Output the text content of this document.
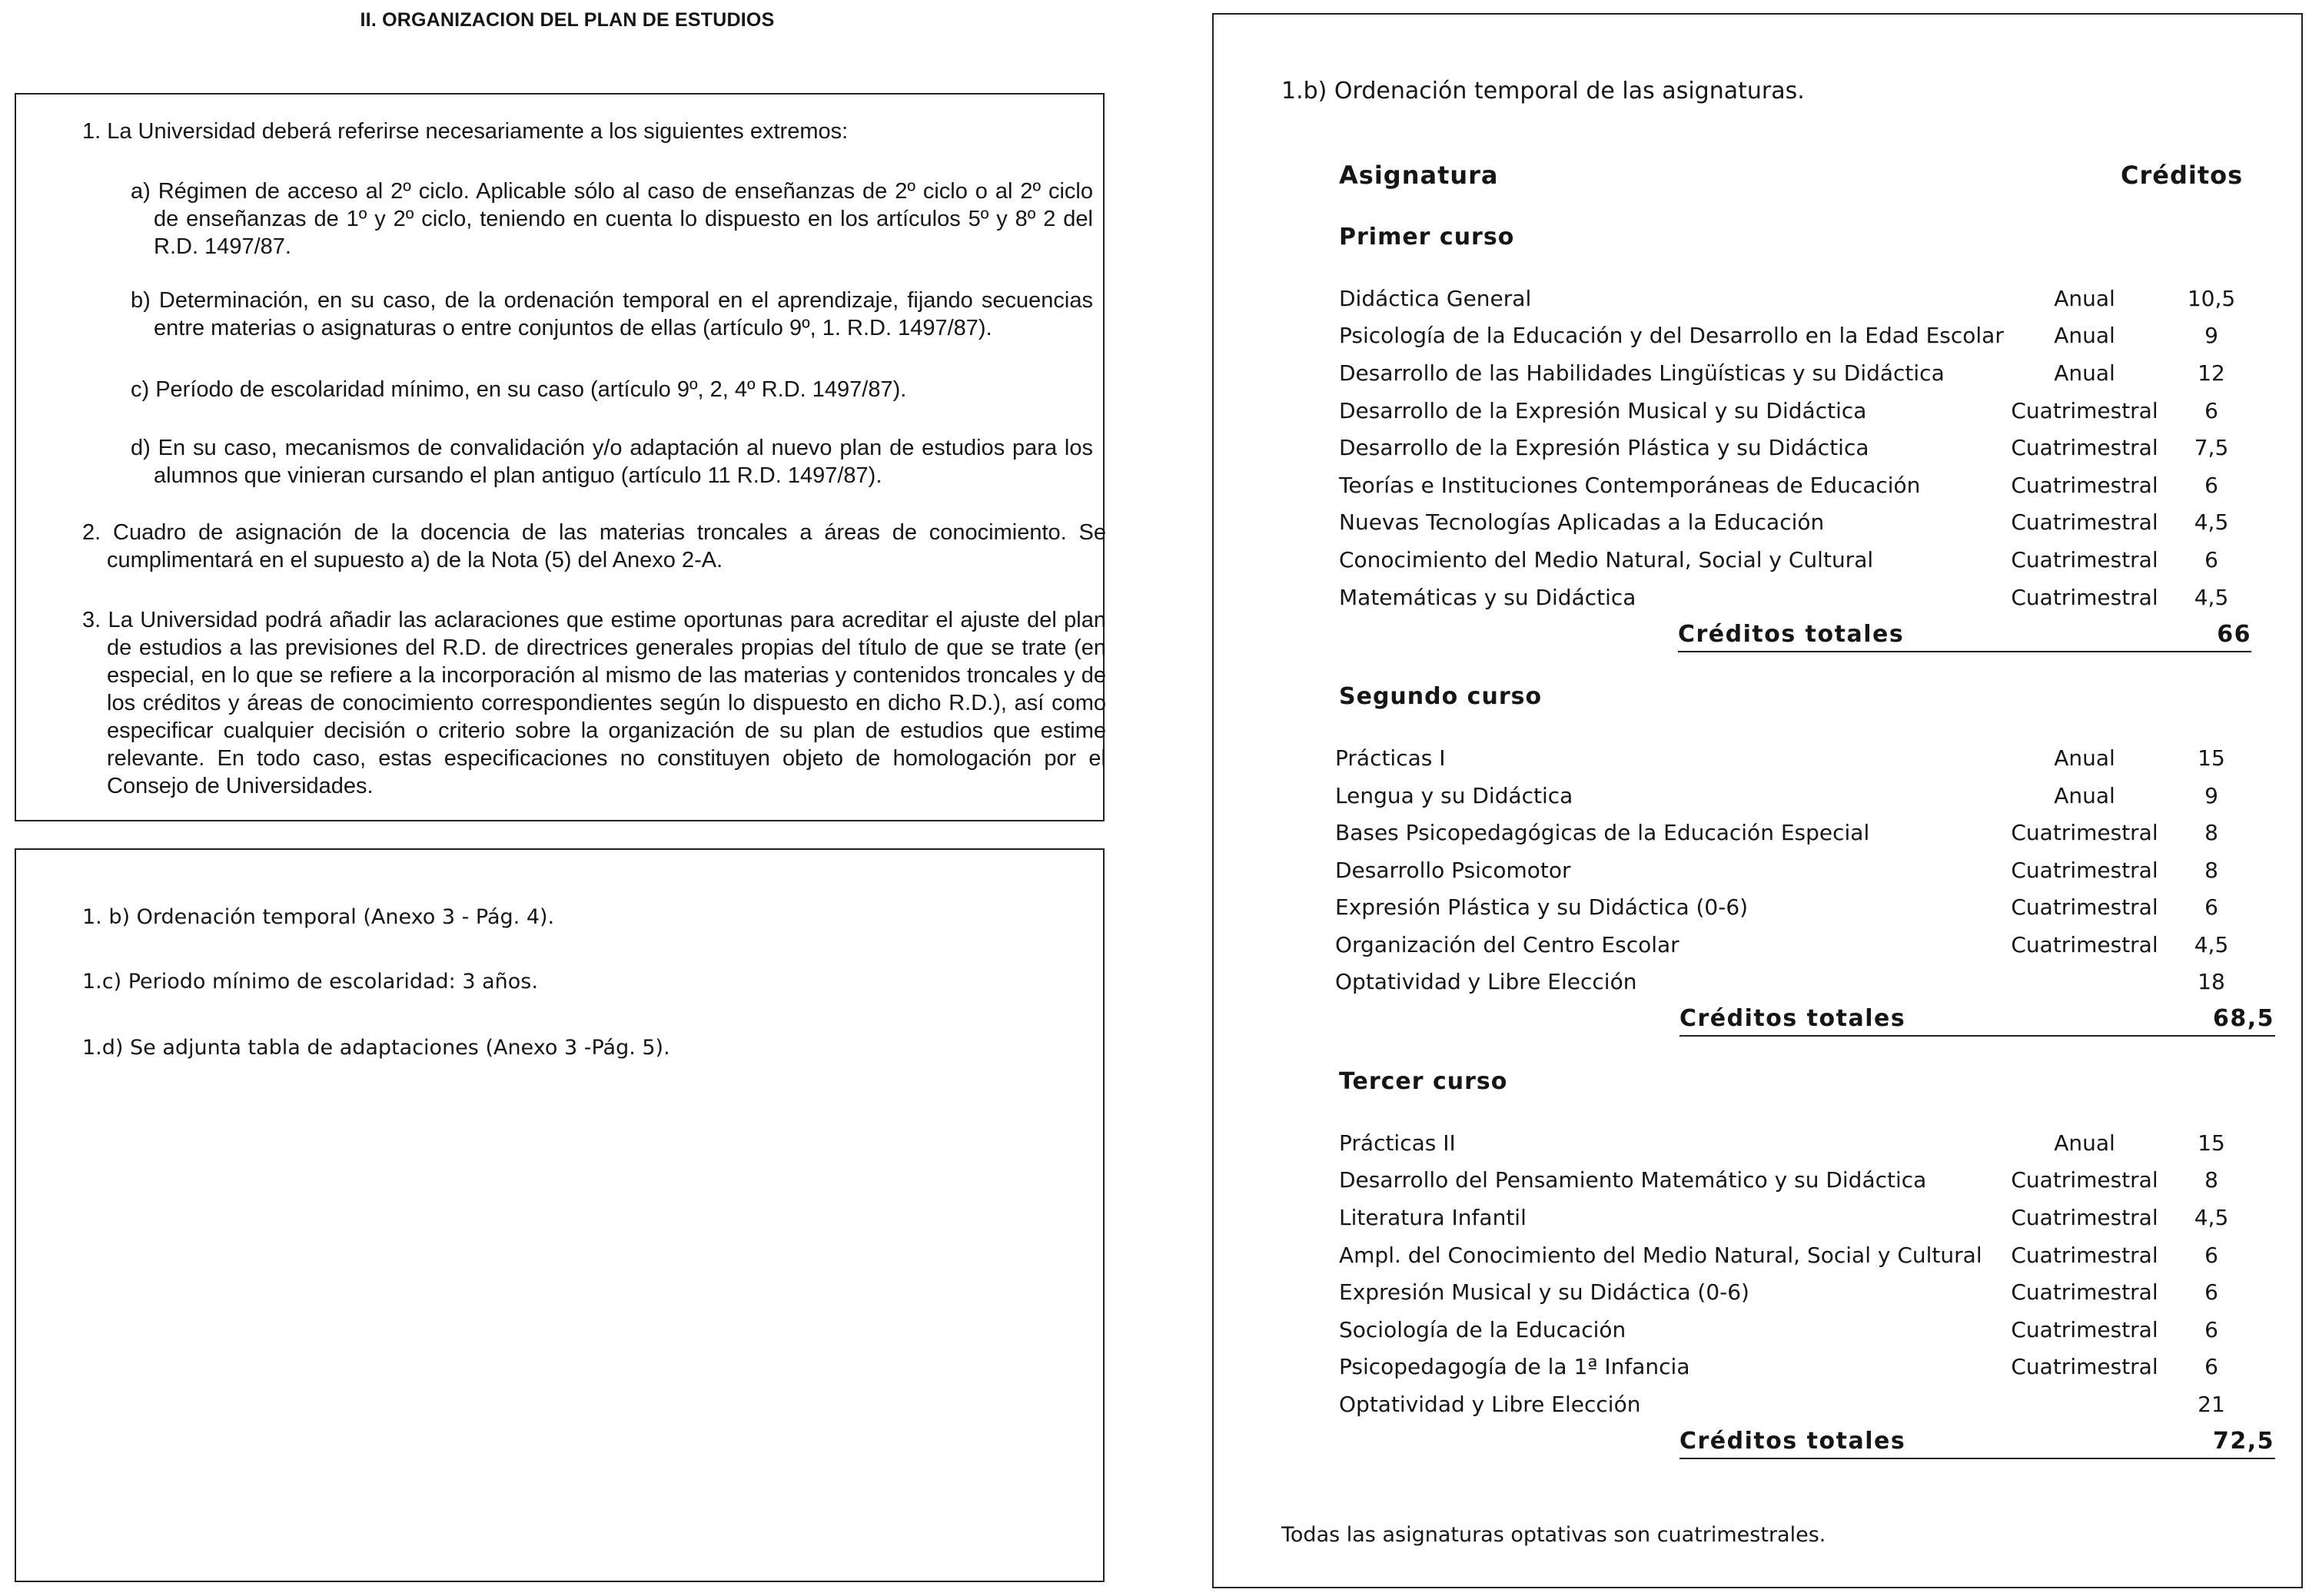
II. ORGANIZACION DEL PLAN DE ESTUDIOS
1. La Universidad deberá referirse necesariamente a los siguientes extremos:
a) Régimen de acceso al 2º ciclo. Aplicable sólo al caso de enseñanzas de 2º ciclo o al 2º ciclo de enseñanzas de 1º y 2º ciclo, teniendo en cuenta lo dispuesto en los artículos 5º y 8º 2 del R.D. 1497/87.
b) Determinación, en su caso, de la ordenación temporal en el aprendizaje, fijando secuencias entre materias o asignaturas o entre conjuntos de ellas (artículo 9º, 1. R.D. 1497/87).
c) Período de escolaridad mínimo, en su caso (artículo 9º, 2, 4º R.D. 1497/87).
d) En su caso, mecanismos de convalidación y/o adaptación al nuevo plan de estudios para los alumnos que vinieran cursando el plan antiguo (artículo 11 R.D. 1497/87).
2. Cuadro de asignación de la docencia de las materias troncales a áreas de conocimiento. Se cumplimentará en el supuesto a) de la Nota (5) del Anexo 2-A.
3. La Universidad podrá añadir las aclaraciones que estime oportunas para acreditar el ajuste del plan de estudios a las previsiones del R.D. de directrices generales propias del título de que se trate (en especial, en lo que se refiere a la incorporación al mismo de las materias y contenidos troncales y de los créditos y áreas de conocimiento correspondientes según lo dispuesto en dicho R.D.), así como especificar cualquier decisión o criterio sobre la organización de su plan de estudios que estime relevante. En todo caso, estas especificaciones no constituyen objeto de homologación por el Consejo de Universidades.
1. b) Ordenación temporal (Anexo 3 - Pág. 4).
1.c) Periodo mínimo de escolaridad: 3 años.
1.d) Se adjunta tabla de adaptaciones (Anexo 3 -Pág. 5).
1.b) Ordenación temporal de las asignaturas.
Asignatura	Créditos
Primer curso
Didáctica General	Anual	10,5
Psicología de la Educación y del Desarrollo en la Edad Escolar	Anual	9
Desarrollo de las Habilidades Lingüísticas y su Didáctica	Anual	12
Desarrollo de la Expresión Musical y su Didáctica	Cuatrimestral	6
Desarrollo de la Expresión Plástica y su Didáctica	Cuatrimestral	7,5
Teorías e Instituciones Contemporáneas de Educación	Cuatrimestral	6
Nuevas Tecnologías Aplicadas a la Educación	Cuatrimestral	4,5
Conocimiento del Medio Natural, Social y Cultural	Cuatrimestral	6
Matemáticas y su Didáctica	Cuatrimestral	4,5
Créditos totales	66
Segundo curso
Prácticas I	Anual	15
Lengua y su Didáctica	Anual	9
Bases Psicopedagógicas de la Educación Especial	Cuatrimestral	8
Desarrollo Psicomotor	Cuatrimestral	8
Expresión Plástica y su Didáctica (0-6)	Cuatrimestral	6
Organización del Centro Escolar	Cuatrimestral	4,5
Optatividad y Libre Elección	18
Créditos totales	68,5
Tercer curso
Prácticas II	Anual	15
Desarrollo del Pensamiento Matemático y su Didáctica	Cuatrimestral	8
Literatura Infantil	Cuatrimestral	4,5
Ampl. del Conocimiento del Medio Natural, Social y Cultural Cuatrimestral	6
Expresión Musical y su Didáctica (0-6)	Cuatrimestral	6
Sociología de la Educación	Cuatrimestral	6
Psicopedagogía de la 1ª Infancia	Cuatrimestral	6
Optatividad y Libre Elección	21
Créditos totales	72,5
Todas las asignaturas optativas son cuatrimestrales.
